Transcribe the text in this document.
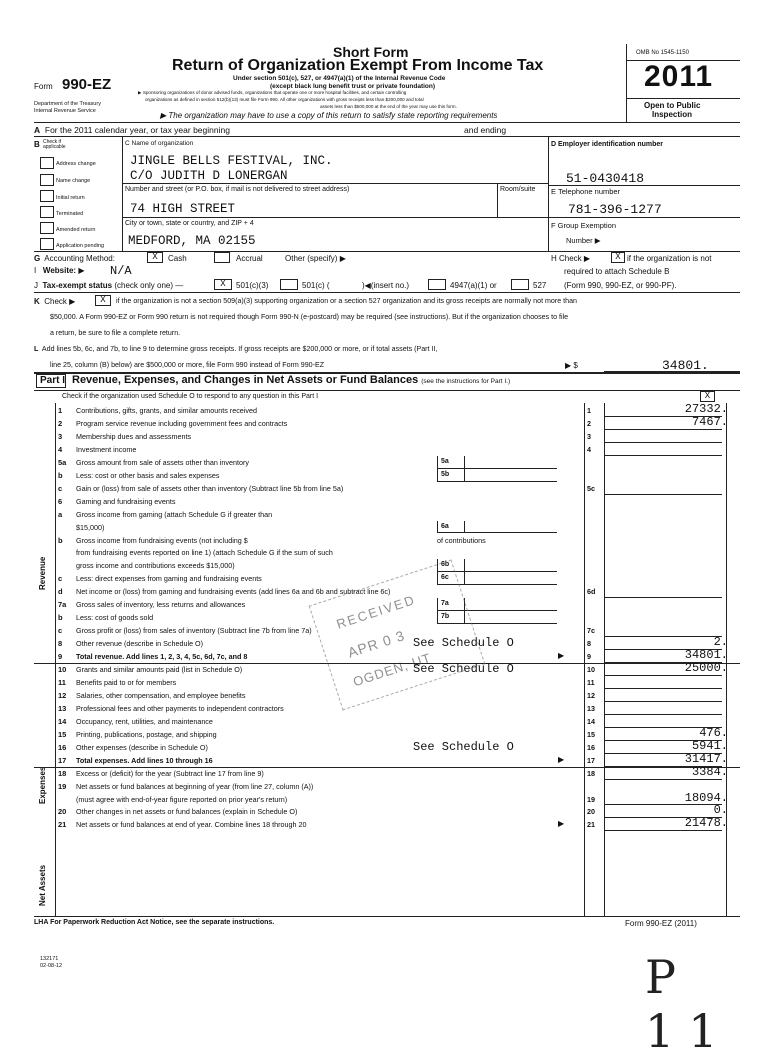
Form 990-EZ
Department of the Treasury
Internal Revenue Service
Short Form
Return of Organization Exempt From Income Tax
Under section 501(c), 527, or 4947(a)(1) of the Internal Revenue Code
(except black lung benefit trust or private foundation)
▶ Sponsoring organizations of donor advised funds, organizations that operate one or more hospital facilities, and certain controlling
organizations as defined in section 512(b)(13) must file Form 990. All other organizations with gross receipts less than $200,000 and total
assets less than $500,000 at the end of the year may use this form.
▶ The organization may have to use a copy of this return to satisfy state reporting requirements
OMB No 1545-1150
2011
Open to Public
Inspection
A For the 2011 calendar year, or tax year beginning	and ending
B Check if applicable
Address change
Name change
Initial return
Terminated
Amended return
Application pending
C Name of organization
JINGLE BELLS FESTIVAL, INC.
C/O JUDITH D LONERGAN
Number and street (or P.O. box, if mail is not delivered to street address)	Room/suite
74 HIGH STREET
City or town, state or country, and ZIP + 4
MEDFORD, MA 02155
D Employer identification number
51-0430418
E Telephone number
781-396-1277
F Group Exemption
Number ▶
G Accounting Method:	X	Cash	Accrual	Other (specify) ▶	H Check ▶	X if the organization is not
required to attach Schedule B
(Form 990, 990-EZ, or 990-PF).
I Website: ▶ N/A
J Tax-exempt status (check only one) —	X	501(c)(3)	501(c) (	)◀(insert no.)	4947(a)(1) or	527
K Check ▶	X	if the organization is not a section 509(a)(3) supporting organization or a section 527 organization and its gross receipts are normally not more than
$50,000. A Form 990-EZ or Form 990 return is not required though Form 990-N (e-postcard) may be required (see instructions). But if the organization chooses to file
a return, be sure to file a complete return.
L Add lines 5b, 6c, and 7b, to line 9 to determine gross receipts. If gross receipts are $200,000 or more, or if total assets (Part II,
line 25, column (B) below) are $500,000 or more, file Form 990 instead of Form 990-EZ	▶ $	34801.
Part I Revenue, Expenses, and Changes in Net Assets or Fund Balances (see the instructions for Part I.)
Check if the organization used Schedule O to respond to any question in this Part I	X
Revenue
Expenses
Net Assets
1 Contributions, gifts, grants, and similar amounts received	1	27332.
2 Program service revenue including government fees and contracts	2	7467.
3 Membership dues and assessments	3
4 Investment income	4
5a Gross amount from sale of assets other than inventory	5a
b Less: cost or other basis and sales expenses	5b
c Gain or (loss) from sale of assets other than inventory (Subtract line 5b from line 5a)	5c
6 Gaming and fundraising events
a Gross income from gaming (attach Schedule G if greater than
$15,000)	6a
b Gross income from fundraising events (not including $	of contributions
from fundraising events reported on line 1) (attach Schedule G if the sum of such
gross income and contributions exceeds $15,000)	6b
c Less: direct expenses from gaming and fundraising events	6c
d Net income or (loss) from gaming and fundraising events (add lines 6a and 6b and subtract line 6c)	6d
7a Gross sales of inventory, less returns and allowances	7a
b Less: cost of goods sold	7b
c Gross profit or (loss) from sales of inventory (Subtract line 7b from line 7a)	7c
8 Other revenue (describe in Schedule O)	See Schedule O	8	2.
9 Total revenue. Add lines 1, 2, 3, 4, 5c, 6d, 7c, and 8	▶	9	34801.
10 Grants and similar amounts paid (list in Schedule O)	See Schedule O	10	25000.
11 Benefits paid to or for members	11
12 Salaries, other compensation, and employee benefits	12
13 Professional fees and other payments to independent contractors	13
14 Occupancy, rent, utilities, and maintenance	14
15 Printing, publications, postage, and shipping	15	476.
16 Other expenses (describe in Schedule O)	See Schedule O	16	5941.
17 Total expenses. Add lines 10 through 16	▶	17	31417.
18 Excess or (deficit) for the year (Subtract line 17 from line 9)	18	3384.
19 Net assets or fund balances at beginning of year (from line 27, column (A))
(must agree with end-of-year figure reported on prior year's return)	19	18094.
20 Other changes in net assets or fund balances (explain in Schedule O)	20	0.
21 Net assets or fund balances at end of year. Combine lines 18 through 20	▶	21	21478.
RECEIVED
APR 0 3
OGDEN, UT
LHA For Paperwork Reduction Act Notice, see the separate instructions.	Form 990-EZ (2011)
132171
02-08-12	P 11
